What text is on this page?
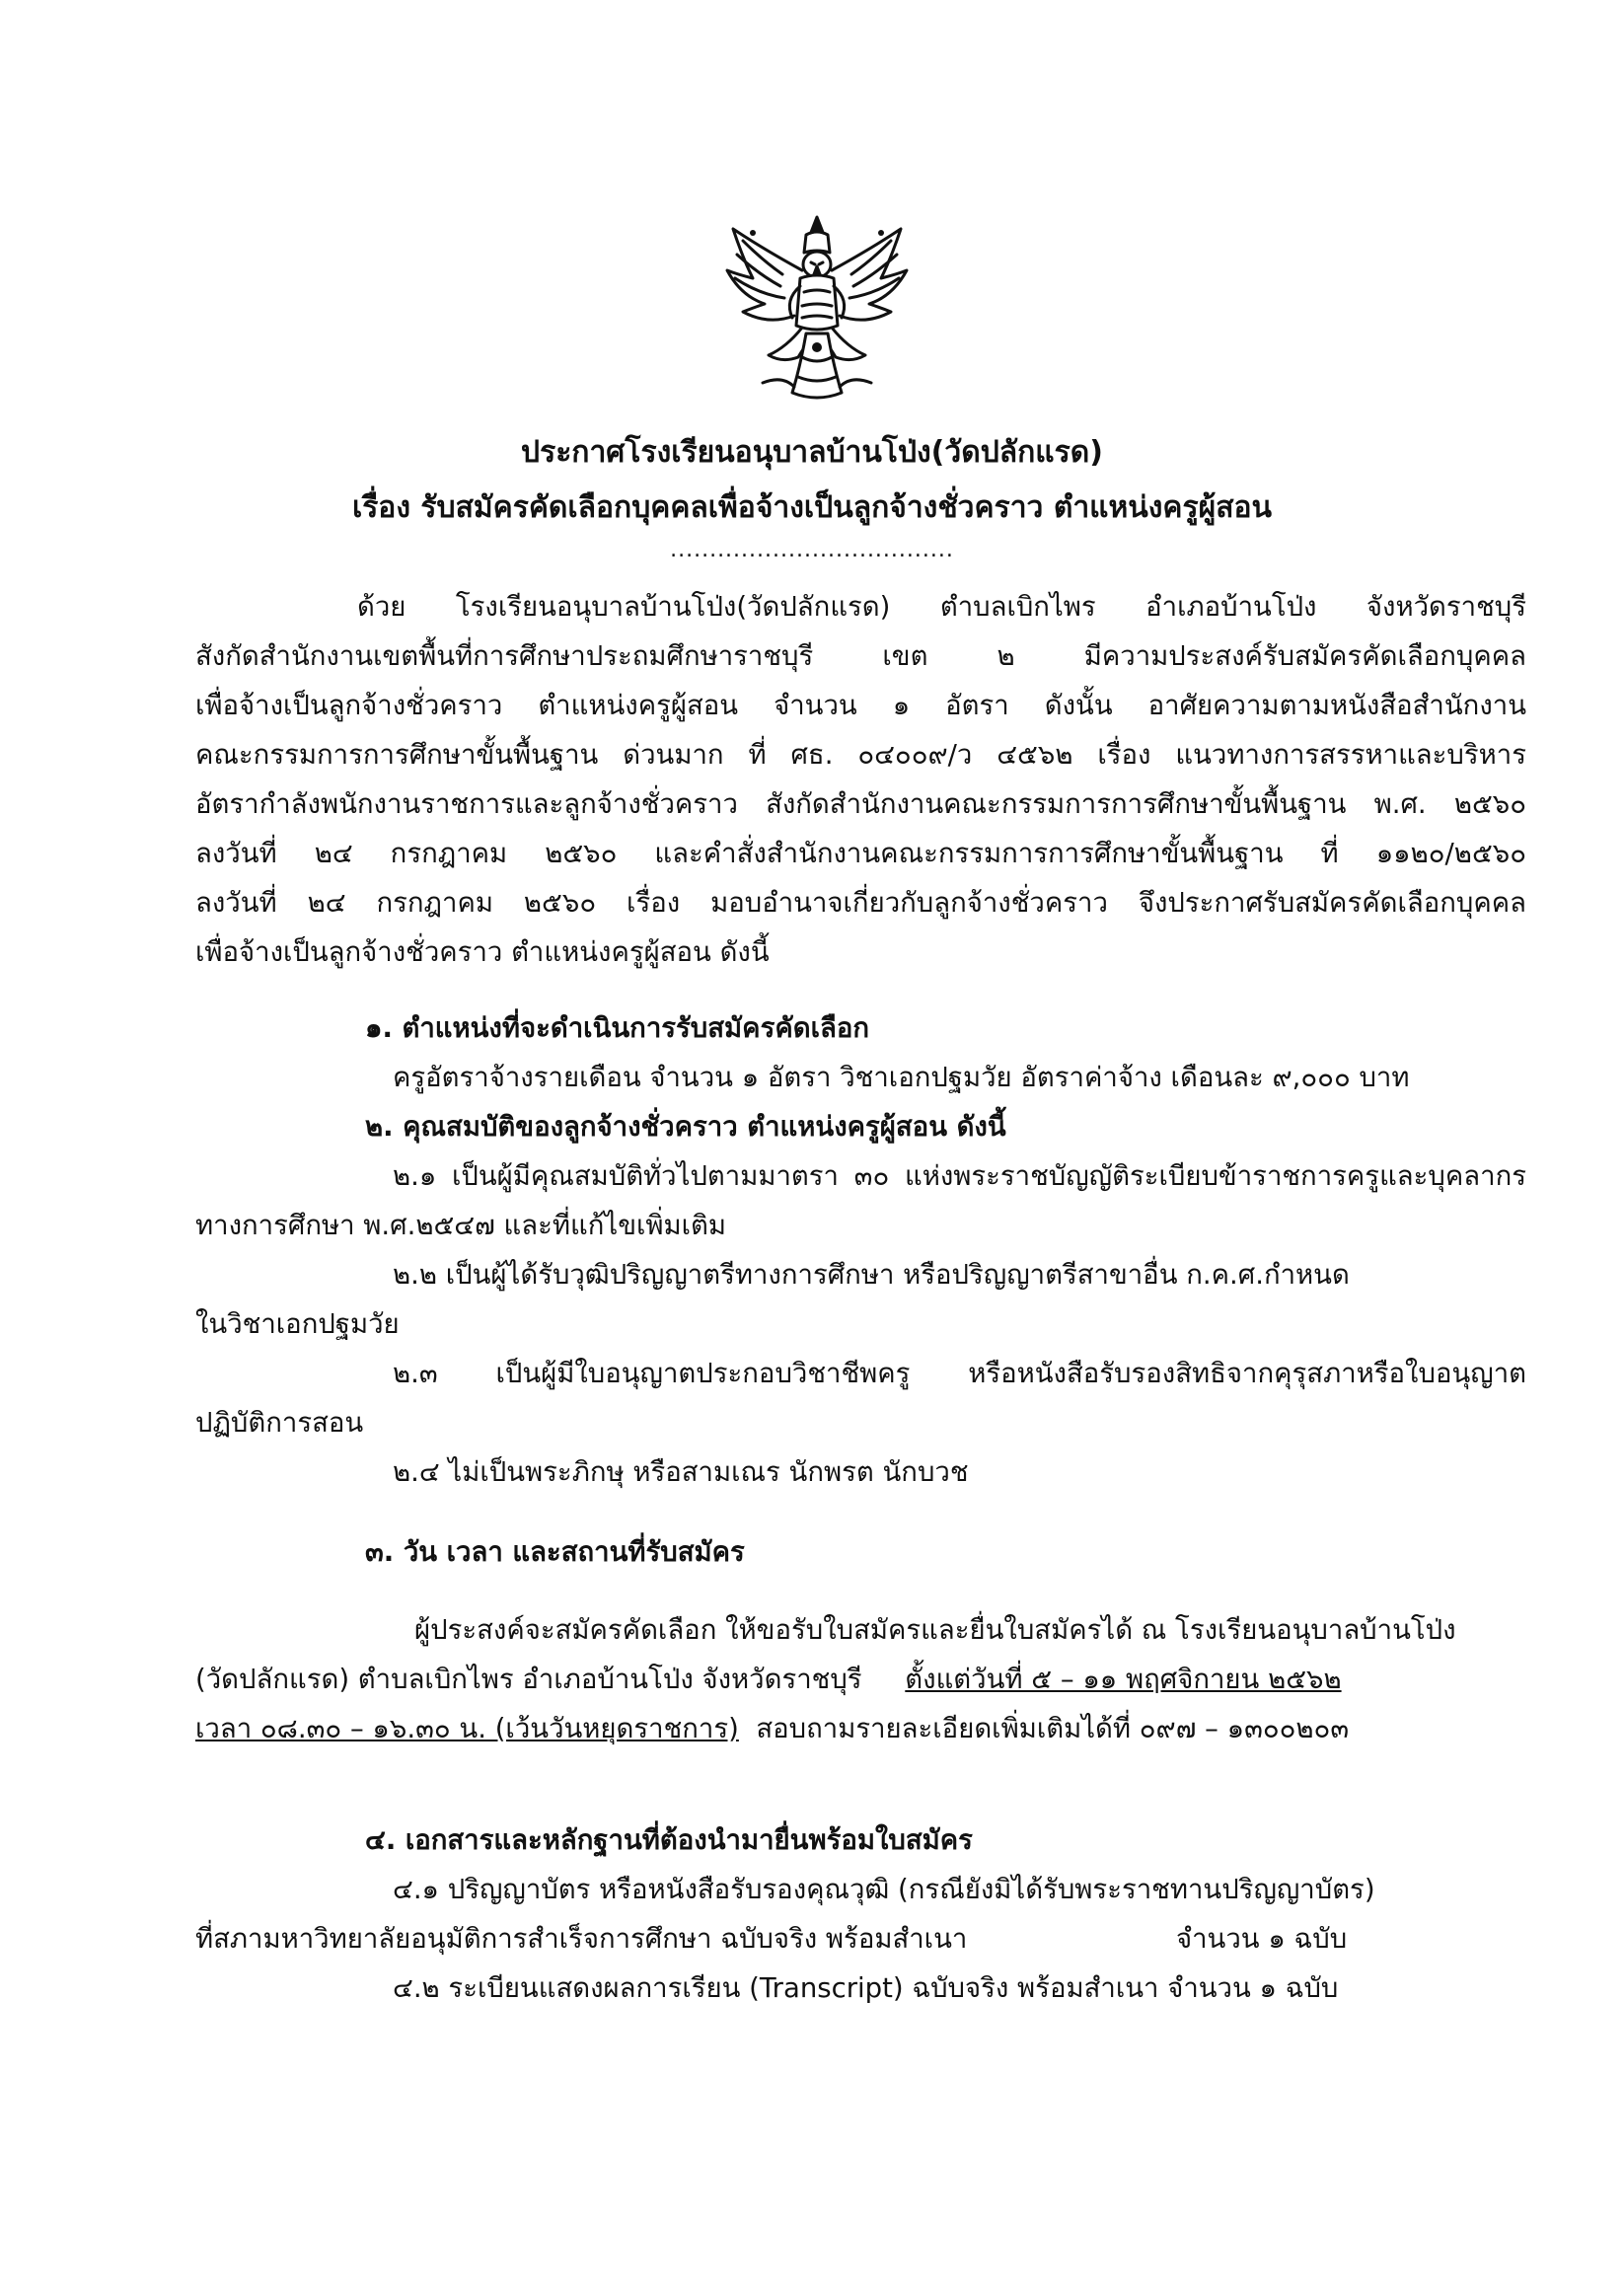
ประกาศโรงเรียนอนุบาลบ้านโป่ง(วัดปลักแรด)
เรื่อง รับสมัครคัดเลือกบุคคลเพื่อจ้างเป็นลูกจ้างชั่วคราว ตำแหน่งครูผู้สอน
....................................
ด้วย โรงเรียนอนุบาลบ้านโป่ง(วัดปลักแรด) ตำบลเบิกไพร อำเภอบ้านโป่ง จังหวัดราชบุรี
สังกัดสำนักงานเขตพื้นที่การศึกษาประถมศึกษาราชบุรี เขต ๒ มีความประสงค์รับสมัครคัดเลือกบุคคล
เพื่อจ้างเป็นลูกจ้างชั่วคราว ตำแหน่งครูผู้สอน จำนวน ๑ อัตรา ดังนั้น อาศัยความตามหนังสือสำนักงาน
คณะกรรมการการศึกษาขั้นพื้นฐาน ด่วนมาก ที่ ศธ. ๐๔๐๐๙/ว ๔๕๖๒ เรื่อง แนวทางการสรรหาและบริหาร
อัตรากำลังพนักงานราชการและลูกจ้างชั่วคราว สังกัดสำนักงานคณะกรรมการการศึกษาขั้นพื้นฐาน พ.ศ. ๒๕๖๐
ลงวันที่ ๒๔ กรกฎาคม ๒๕๖๐ และคำสั่งสำนักงานคณะกรรมการการศึกษาขั้นพื้นฐาน ที่ ๑๑๒๐/๒๕๖๐
ลงวันที่ ๒๔ กรกฎาคม ๒๕๖๐ เรื่อง มอบอำนาจเกี่ยวกับลูกจ้างชั่วคราว จึงประกาศรับสมัครคัดเลือกบุคคล
เพื่อจ้างเป็นลูกจ้างชั่วคราว ตำแหน่งครูผู้สอน ดังนี้
๑. ตำแหน่งที่จะดำเนินการรับสมัครคัดเลือก
ครูอัตราจ้างรายเดือน จำนวน ๑ อัตรา วิชาเอกปฐมวัย อัตราค่าจ้าง เดือนละ ๙,๐๐๐ บาท
๒. คุณสมบัติของลูกจ้างชั่วคราว ตำแหน่งครูผู้สอน ดังนี้
๒.๑ เป็นผู้มีคุณสมบัติทั่วไปตามมาตรา ๓๐ แห่งพระราชบัญญัติระเบียบข้าราชการครูและบุคลากร
ทางการศึกษา พ.ศ.๒๕๔๗ และที่แก้ไขเพิ่มเติม
๒.๒ เป็นผู้ได้รับวุฒิปริญญาตรีทางการศึกษา หรือปริญญาตรีสาขาอื่น ก.ค.ศ.กำหนด
ในวิชาเอกปฐมวัย
๒.๓ เป็นผู้มีใบอนุญาตประกอบวิชาชีพครู หรือหนังสือรับรองสิทธิจากคุรุสภาหรือใบอนุญาต
ปฏิบัติการสอน
๒.๔ ไม่เป็นพระภิกษุ หรือสามเณร นักพรต นักบวช
๓. วัน เวลา และสถานที่รับสมัคร
ผู้ประสงค์จะสมัครคัดเลือก ให้ขอรับใบสมัครและยื่นใบสมัครได้ ณ โรงเรียนอนุบาลบ้านโป่ง
(วัดปลักแรด) ตำบลเบิกไพร อำเภอบ้านโป่ง จังหวัดราชบุรี ตั้งแต่วันที่ ๕ – ๑๑ พฤศจิกายน ๒๕๖๒
เวลา ๐๘.๓๐ – ๑๖.๓๐ น. (เว้นวันหยุดราชการ) สอบถามรายละเอียดเพิ่มเติมได้ที่ ๐๙๗ – ๑๓๐๐๒๐๓
๔. เอกสารและหลักฐานที่ต้องนำมายื่นพร้อมใบสมัคร
๔.๑ ปริญญาบัตร หรือหนังสือรับรองคุณวุฒิ (กรณียังมิได้รับพระราชทานปริญญาบัตร)
ที่สภามหาวิทยาลัยอนุมัติการสำเร็จการศึกษา ฉบับจริง พร้อมสำเนา	จำนวน ๑ ฉบับ
๔.๒ ระเบียนแสดงผลการเรียน (Transcript) ฉบับจริง พร้อมสำเนา จำนวน ๑ ฉบับ
